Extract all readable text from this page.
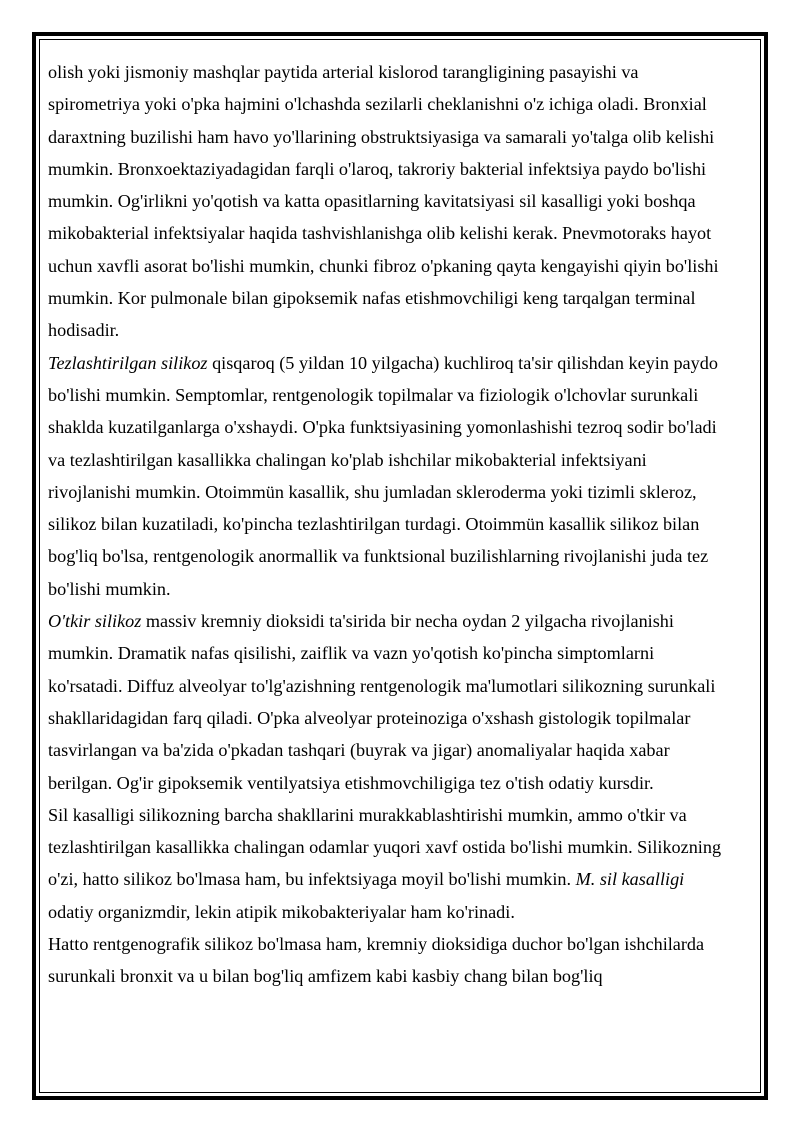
olish yoki jismoniy mashqlar paytida arterial kislorod tarangligining pasayishi va spirometriya yoki o'pka hajmini o'lchashda sezilarli cheklanishni o'z ichiga oladi. Bronxial daraxtning buzilishi ham havo yo'llarining obstruktsiyasiga va samarali yo'talga olib kelishi mumkin. Bronxoektaziyadagidan farqli o'laroq, takroriy bakterial infektsiya paydo bo'lishi mumkin. Og'irlikni yo'qotish va katta opasitlarning kavitatsiyasi sil kasalligi yoki boshqa mikobakterial infektsiyalar haqida tashvishlanishga olib kelishi kerak. Pnevmotoraks hayot uchun xavfli asorat bo'lishi mumkin, chunki fibroz o'pkaning qayta kengayishi qiyin bo'lishi mumkin. Kor pulmonale bilan gipoksemik nafas etishmovchiligi keng tarqalgan terminal hodisadir.

Tezlashtirilgan silikoz qisqaroq (5 yildan 10 yilgacha) kuchliroq ta'sir qilishdan keyin paydo bo'lishi mumkin. Semptomlar, rentgenologik topilmalar va fiziologik o'lchovlar surunkali shaklda kuzatilganlarga o'xshaydi. O'pka funktsiyasining yomonlashishi tezroq sodir bo'ladi va tezlashtirilgan kasallikka chalingan ko'plab ishchilar mikobakterial infektsiyani rivojlanishi mumkin. Otoimmün kasallik, shu jumladan skleroderma yoki tizimli skleroz, silikoz bilan kuzatiladi, ko'pincha tezlashtirilgan turdagi. Otoimmün kasallik silikoz bilan bog'liq bo'lsa, rentgenologik anormallik va funktsional buzilishlarning rivojlanishi juda tez bo'lishi mumkin.

O'tkir silikoz massiv kremniy dioksidi ta'sirida bir necha oydan 2 yilgacha rivojlanishi mumkin. Dramatik nafas qisilishi, zaiflik va vazn yo'qotish ko'pincha simptomlarni ko'rsatadi. Diffuz alveolyar to'lg'azishning rentgenologik ma'lumotlari silikozning surunkali shakllaridagidan farq qiladi. O'pka alveolyar proteinoziga o'xshash gistologik topilmalar tasvirlangan va ba'zida o'pkadan tashqari (buyrak va jigar) anomaliyalar haqida xabar berilgan. Og'ir gipoksemik ventilyatsiya etishmovchiligiga tez o'tish odatiy kursdir.

Sil kasalligi silikozning barcha shakllarini murakkablashtirishi mumkin, ammo o'tkir va tezlashtirilgan kasallikka chalingan odamlar yuqori xavf ostida bo'lishi mumkin. Silikozning o'zi, hatto silikoz bo'lmasa ham, bu infektsiyaga moyil bo'lishi mumkin. M. sil kasalligi odatiy organizmdir, lekin atipik mikobakteriyalar ham ko'rinadi.

Hatto rentgenografik silikoz bo'lmasa ham, kremniy dioksidiga duchor bo'lgan ishchilarda surunkali bronxit va u bilan bog'liq amfizem kabi kasbiy chang bilan bog'liq
